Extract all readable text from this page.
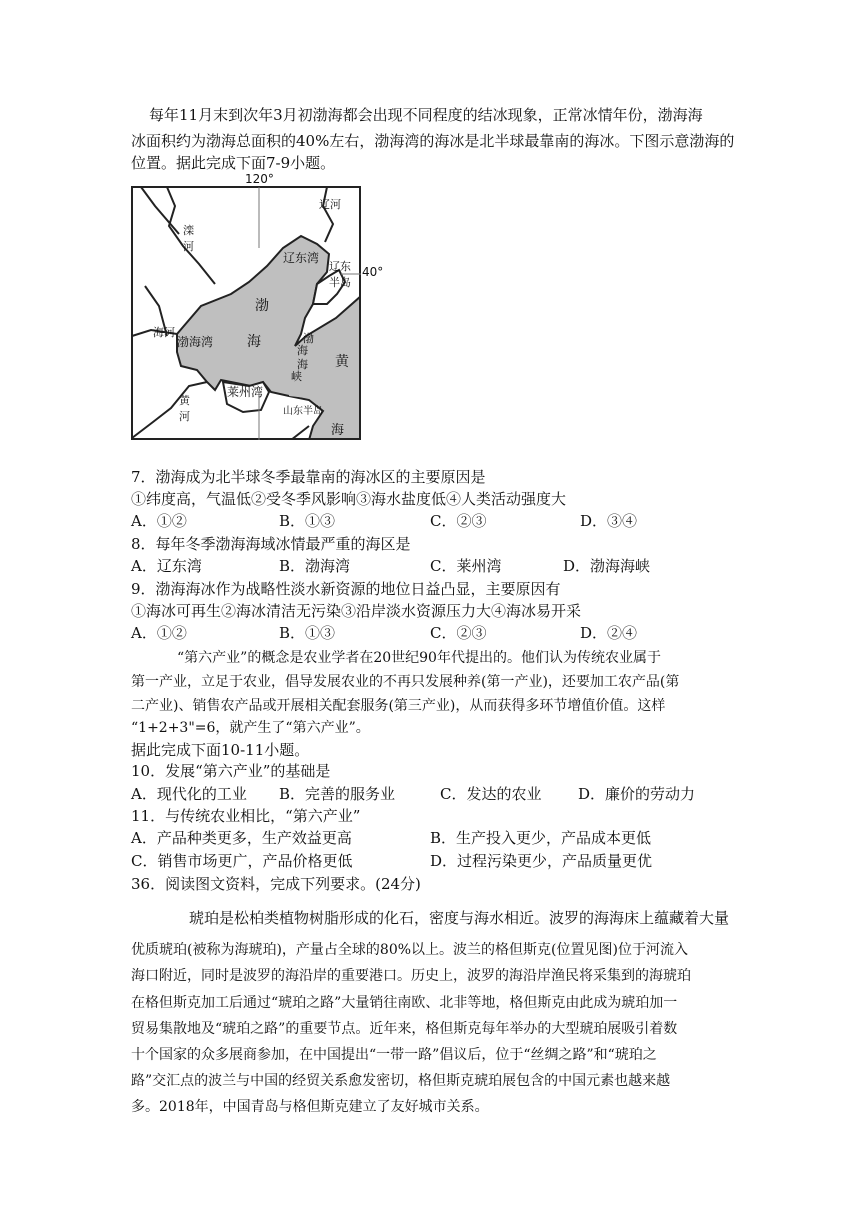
每年11月末到次年3月初渤海都会出现不同程度的结冰现象，正常冰情年份，渤海海
冰面积约为渤海总面积的40%左右，渤海湾的海冰是北半球最靠南的海冰。下图示意渤海的
位置。据此完成下面7-9小题。
120°
40°
辽河
滦
河
辽东湾
辽东
半岛
渤
海
海河
渤海湾	渤
海
海
峡
黄
黄
河
莱州湾
山东半岛
海
7．渤海成为北半球冬季最靠南的海冰区的主要原因是
①纬度高，气温低②受冬季风影响③海水盐度低④人类活动强度大
A．①②	B．①③	C．②③	D．③④
8．每年冬季渤海海域冰情最严重的海区是
A．辽东湾	B．渤海湾	C．莱州湾	D．渤海海峡
9．渤海海冰作为战略性淡水新资源的地位日益凸显，主要原因有
①海冰可再生②海冰清洁无污染③沿岸淡水资源压力大④海冰易开采
A．①②	B．①③	C．②③	D．②④
“第六产业”的概念是农业学者在20世纪90年代提出的。他们认为传统农业属于
第一产业，立足于农业，倡导发展农业的不再只发展种养(第一产业)，还要加工农产品(第
二产业)、销售农产品或开展相关配套服务(第三产业)，从而获得多环节增值价值。这样
“1+2+3"=6，就产生了“第六产业”。
据此完成下面10-11小题。
10．发展“第六产业”的基础是
A．现代化的工业 B．完善的服务业	C．发达的农业 D．廉价的劳动力
11．与传统农业相比，“第六产业”
A．产品种类更多，生产效益更高	B．生产投入更少，产品成本更低
C．销售市场更广，产品价格更低	D．过程污染更少，产品质量更优
36．阅读图文资料，完成下列要求。(24分)
琥珀是松柏类植物树脂形成的化石，密度与海水相近。波罗的海海床上蕴藏着大量
优质琥珀(被称为海琥珀)，产量占全球的80%以上。波兰的格但斯克(位置见图)位于河流入
海口附近，同时是波罗的海沿岸的重要港口。历史上，波罗的海沿岸渔民将采集到的海琥珀
在格但斯克加工后通过“琥珀之路”大量销往南欧、北非等地，格但斯克由此成为琥珀加一
贸易集散地及“琥珀之路”的重要节点。近年来，格但斯克每年举办的大型琥珀展吸引着数
十个国家的众多展商参加，在中国提出“一带一路”倡议后，位于“丝绸之路”和“琥珀之
路”交汇点的波兰与中国的经贸关系愈发密切，格但斯克琥珀展包含的中国元素也越来越
多。2018年，中国青岛与格但斯克建立了友好城市关系。
